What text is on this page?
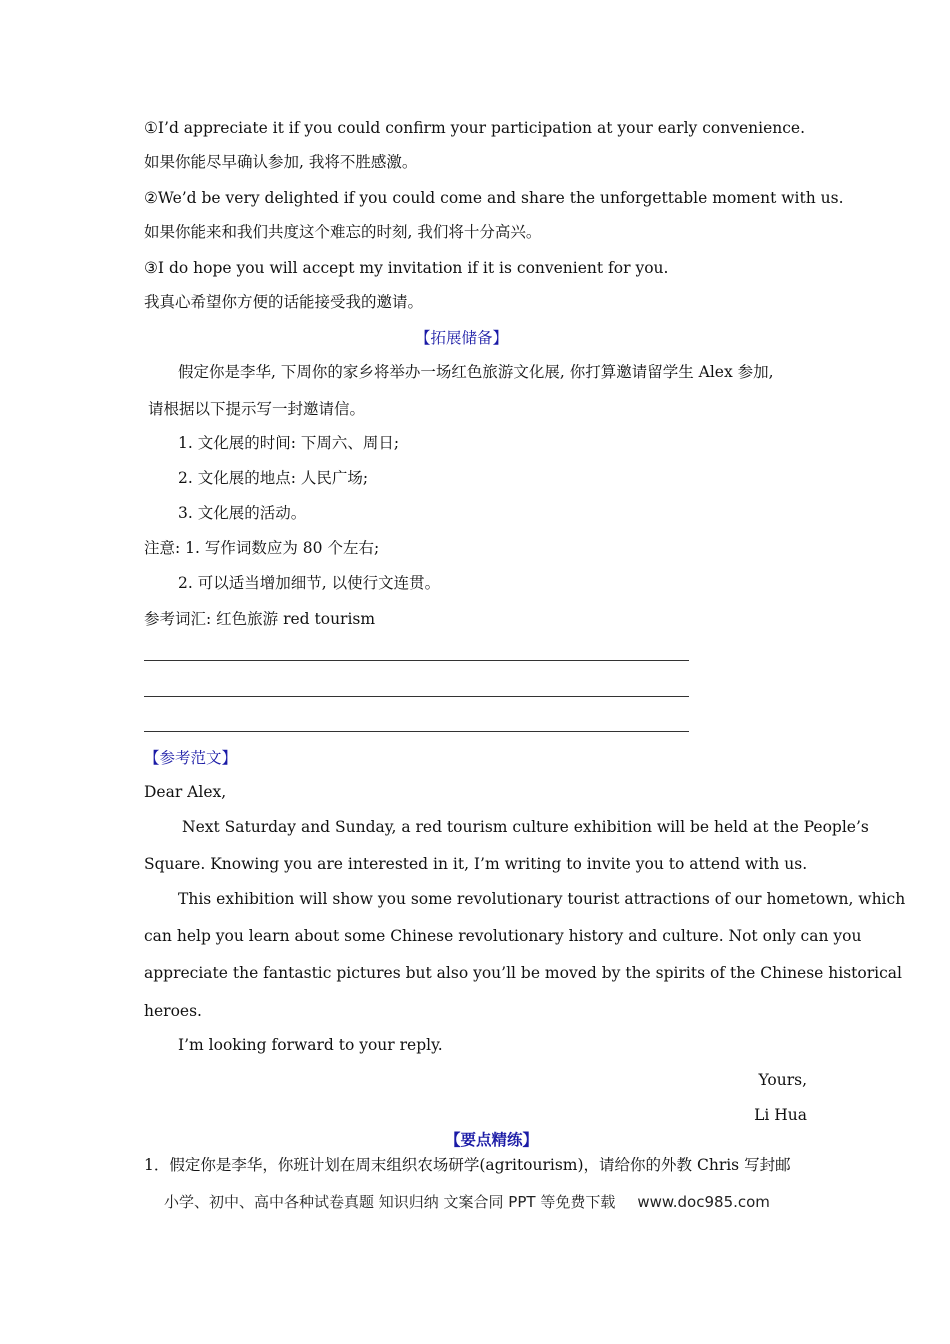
①I’d appreciate it if you could confirm your participation at your early convenience.
如果你能尽早确认参加, 我将不胜感激。
②We’d be very delighted if you could come and share the unforgettable moment with us.
如果你能来和我们共度这个难忘的时刻, 我们将十分高兴。
③I do hope you will accept my invitation if it is convenient for you.
我真心希望你方便的话能接受我的邀请。
【拓展储备】
假定你是李华, 下周你的家乡将举办一场红色旅游文化展, 你打算邀请留学生 Alex 参加,
请根据以下提示写一封邀请信。
1. 文化展的时间: 下周六、周日;
2. 文化展的地点: 人民广场;
3. 文化展的活动。
注意: 1. 写作词数应为 80 个左右;
2. 可以适当增加细节, 以使行文连贯。
参考词汇: 红色旅游 red tourism
【参考范文】
Dear Alex,
Next Saturday and Sunday, a red tourism culture exhibition will be held at the People’s
Square. Knowing you are interested in it, I’m writing to invite you to attend with us.
This exhibition will show you some revolutionary tourist attractions of our hometown, which
can help you learn about some Chinese revolutionary history and culture. Not only can you
appreciate the fantastic pictures but also you’ll be moved by the spirits of the Chinese historical
heroes.
I’m looking forward to your reply.
Yours,
Li Hua
【要点精练】
1．假定你是李华，你班计划在周末组织农场研学(agritourism)，请给你的外教 Chris 写封邮
小学、初中、高中各种试卷真题 知识归纳 文案合同 PPT 等免费下载 www.doc985.com
